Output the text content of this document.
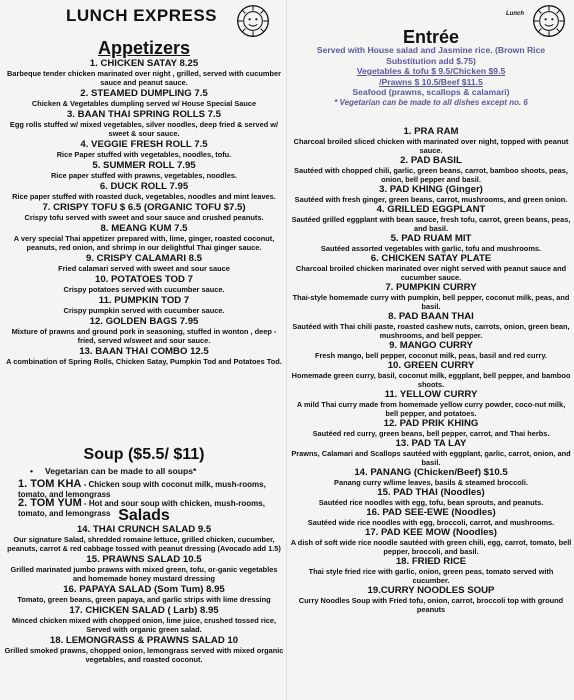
LUNCH EXPRESS
Appetizers
1. CHICKEN SATAY 8.25
Barbeque tender chicken marinated over night , grilled, served with cucumber sauce and peanut sauce.
2. STEAMED DUMPLING 7.5
Chicken & Vegetables dumpling served w/ House Special Sauce
3. BAAN THAI SPRING ROLLS 7.5
Egg rolls stuffed w/ mixed vegetables, silver noodles, deep fried & served w/ sweet & sour sauce.
4. VEGGIE FRESH ROLL 7.5
Rice Paper stuffed with vegetables, noodles, tofu.
5. SUMMER ROLL 7.95
Rice paper stuffed with prawns, vegetables, noodles.
6. DUCK ROLL 7.95
Rice paper stuffed with roasted duck, vegetables, noodles and mint leaves.
7. CRISPY TOFU $ 6.5 (ORGANIC TOFU $7.5)
Crispy tofu served with sweet and sour sauce and crushed peanuts.
8. MEANG KUM 7.5
A very special Thai appetizer prepared with, lime, ginger, roasted coconut, peanuts, red onion, and shrimp in our delightful Thai ginger sauce.
9. CRISPY CALAMARI 8.5
Fried calamari served with sweet and sour sauce
10. POTATOES TOD 7
Crispy potatoes served with cucumber sauce.
11. PUMPKIN TOD 7
Crispy pumpkin served with cucumber sauce.
12. GOLDEN BAGS 7.95
Mixture of prawns and ground pork in seasoning, stuffed in wonton , deep - fried, served w/sweet and sour sauce.
13. BAAN THAI COMBO 12.5
A combination of Spring Rolls, Chicken Satay, Pumpkin Tod and Potatoes Tod.
Soup ($5.5/ $11)
•     Vegetarian can be made to all soups*
1. TOM KHA - Chicken soup with coconut milk, mush-rooms, tomato, and lemongrass
2. TOM YUM - Hot and sour soup with chicken, mush-rooms, tomato, and lemongrass Salads
14. THAI CRUNCH SALAD 9.5
Our signature Salad, shredded romaine lettuce, grilled chicken, cucumber, peanuts, carrot & red cabbage tossed with peanut dressing (Avocado add 1.5)
15. PRAWNS SALAD 10.5
Grilled marinated jumbo prawns with mixed green, tofu, or-ganic vegetables and homemade honey mustard dressing
16. PAPAYA SALAD (Som Tum) 8.95
Tomato, green beans, green papaya, and garlic strips with lime dressing
17. CHICKEN SALAD ( Larb) 8.95
Minced chicken mixed with chopped onion, lime juice, crushed tossed rice, Served with organic green salad.
18. LEMONGRASS & PRAWNS SALAD 10
Grilled smoked prawns, chopped onion, lemongrass served with mixed organic vegetables, and roasted coconut.
Lunch
Entrée
Served with House salad and Jasmine rice. (Brown Rice Substitution add $.75)
Vegetables & tofu $ 9.5/Chicken $9.5
/Prawns $ 10.5/Beef $11.5
Seafood (prawns, scallops & calamari)
* Vegetarian can be made to all dishes except no. 6
1. PRA RAM
Charcoal broiled sliced chicken with marinated over night, topped with peanut sauce.
2. PAD BASIL
Sautéed with chopped chili, garlic, green beans, carrot, bamboo shoots, peas, onion, bell pepper and basil.
3. PAD KHING (Ginger)
Sautéed with fresh ginger, green beans, carrot, mushrooms, and green onion.
4. GRILLED EGGPLANT
Sautéed grilled eggplant with bean sauce, fresh tofu, carrot, green beans, peas, and basil.
5. PAD RUAM MIT
Sautéed assorted vegetables with garlic, tofu and mushrooms.
6. CHICKEN SATAY PLATE
Charcoal broiled chicken marinated over night served with peanut sauce and cucumber sauce.
7. PUMPKIN CURRY
Thai-style homemade curry with pumpkin, bell pepper, coconut milk, peas, and basil.
8. PAD BAAN THAI
Sautéed with Thai chili paste, roasted cashew nuts, carrots, onion, green bean, mushrooms, and bell pepper.
9. MANGO CURRY
Fresh mango, bell pepper, coconut milk, peas, basil and red curry.
10. GREEN CURRY
Homemade green curry, basil, coconut milk, eggplant, bell pepper, and bamboo shoots.
11. YELLOW CURRY
A mild Thai curry made from homemade yellow curry powder, coco-nut milk, bell pepper, and potatoes.
12. PAD PRIK KHING
Sautéed red curry, green beans, bell pepper, carrot, and Thai herbs.
13. PAD TA LAY
Prawns, Calamari and Scallops sautéed with eggplant, garlic, carrot, onion, and basil.
14. PANANG (Chicken/Beef) $10.5
Panang curry w/lime leaves, basils & steamed broccoli.
15. PAD THAI (Noodles)
Sautéed rice noodles with egg, tofu, bean sprouts, and peanuts.
16. PAD SEE-EWE (Noodles)
Sautéed wide rice noodles with egg, broccoli, carrot, and mushrooms.
17. PAD KEE MOW (Noodles)
A dish of soft wide rice noodle sautéed with green chili, egg, carrot, tomato, bell pepper, broccoli, and basil.
18. FRIED RICE
Thai style fried rice with garlic, onion, green peas, tomato served with cucumber.
19.CURRY NOODLES SOUP
Curry Noodles Soup with Fried tofu, onion, carrot, broccoli top with ground peanuts
